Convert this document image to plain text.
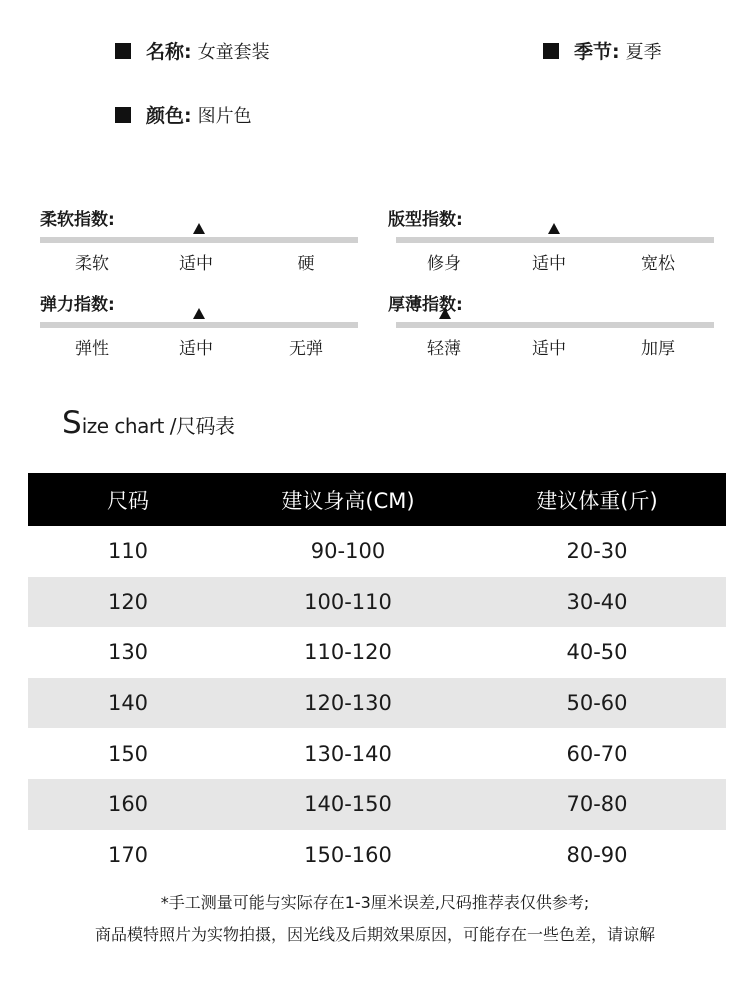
名称: 女童套装	季节: 夏季
颜色: 图片色
柔软指数:
柔软	适中	硬
版型指数:
修身	适中	宽松
弹力指数:
弹性	适中	无弹
厚薄指数:
轻薄	适中	加厚
S ize chart /尺码表
尺码	建议身高(CM)	建议体重(斤)
110	90-100	20-30
120	100-110	30-40
130	110-120	40-50
140	120-130	50-60
150	130-140	60-70
160	140-150	70-80
170	150-160	80-90
*手工测量可能与实际存在1-3厘米误差,尺码推荐表仅供参考;
商品模特照片为实物拍摄，因光线及后期效果原因，可能存在一些色差，请谅解
